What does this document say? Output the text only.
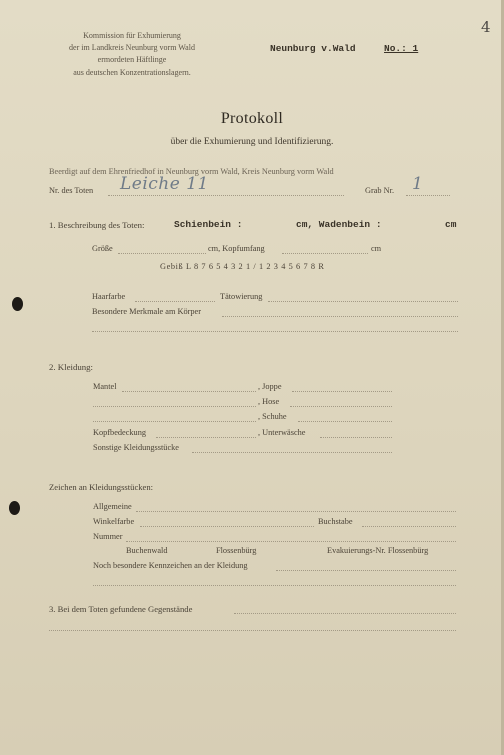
4
Kommission für Exhumierung
der im Landkreis Neunburg vorm Wald
ermordeten Häftlinge
aus deutschen Konzentrationslagern.
Neunburg v.Wald	No.: 1
Protokoll
über die Exhumierung und Identifizierung.
Beerdigt auf dem Ehrenfriedhof in Neunburg vorm Wald, Kreis Neunburg vorm Wald
Nr. des Toten Leiche 11	Grab Nr. 1
1. Beschreibung des Toten:	Schienbein :	cm, Wadenbein :	cm
Größe	cm, Kopfumfang	cm
Gebiß L 8 7 6 5 4 3 2 1 / 1 2 3 4 5 6 7 8 R
Haarfarbe	Tätowierung
Besondere Merkmale am Körper
2. Kleidung:
Mantel	, Joppe
, Hose
, Schuhe
Kopfbedeckung	, Unterwäsche
Sonstige Kleidungsstücke
Zeichen an Kleidungsstücken:
Allgemeine
Winkelfarbe	Buchstabe
Nummer
Buchenwald	Flossenbürg	Evakuierungs-Nr. Flossenbürg
Noch besondere Kennzeichen an der Kleidung
3. Bei dem Toten gefundene Gegenstände
